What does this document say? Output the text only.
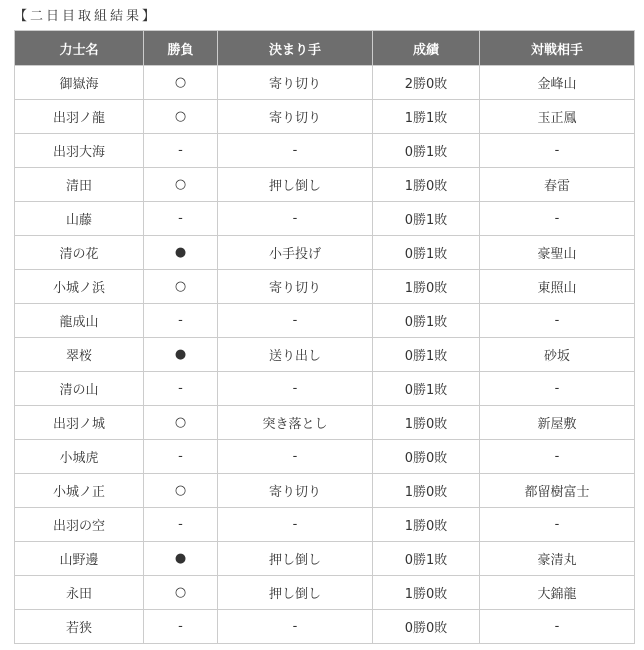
【二日目取組結果】
力士名	勝負	決まり手	成績	対戦相手
御嶽海	○	寄り切り	2勝0敗	金峰山
出羽ノ龍	○	寄り切り	1勝1敗	玉正鳳
出羽大海	-	-	0勝1敗	-
清田	○	押し倒し	1勝0敗	春雷
山藤	-	-	0勝1敗	-
清の花	●	小手投げ	0勝1敗	豪聖山
小城ノ浜	○	寄り切り	1勝0敗	東照山
龍成山	-	-	0勝1敗	-
翠桜	●	送り出し	0勝1敗	砂坂
清の山	-	-	0勝1敗	-
出羽ノ城	○	突き落とし	1勝0敗	新屋敷
小城虎	-	-	0勝0敗	-
小城ノ正	○	寄り切り	1勝0敗	都留樹富士
出羽の空	-	-	1勝0敗	-
山野邊	●	押し倒し	0勝1敗	豪清丸
永田	○	押し倒し	1勝0敗	大錦龍
若狭	-	-	0勝0敗	-
